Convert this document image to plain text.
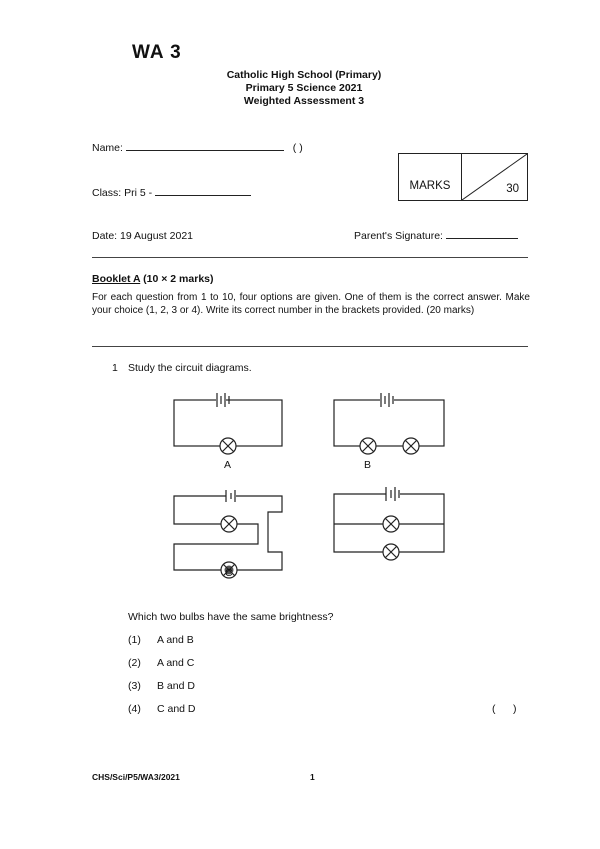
WA 3
Catholic High School (Primary)
Primary 5 Science 2021
Weighted Assessment 3
Name:	( )
Class: Pri 5 -
MARKS	30
Date: 19 August 2021	Parent's Signature:
Booklet A (10 × 2 marks)
For each question from 1 to 10, four options are given. One of them is the correct answer. Make your choice (1, 2, 3 or 4). Write its correct number in the brackets provided. (20 marks)
1 Study the circuit diagrams.
A	B
C
Which two bulbs have the same brightness?
(1) A and B
(2) A and C
(3) B and D
(4) C and D	(      )
CHS/Sci/P5/WA3/2021	1
